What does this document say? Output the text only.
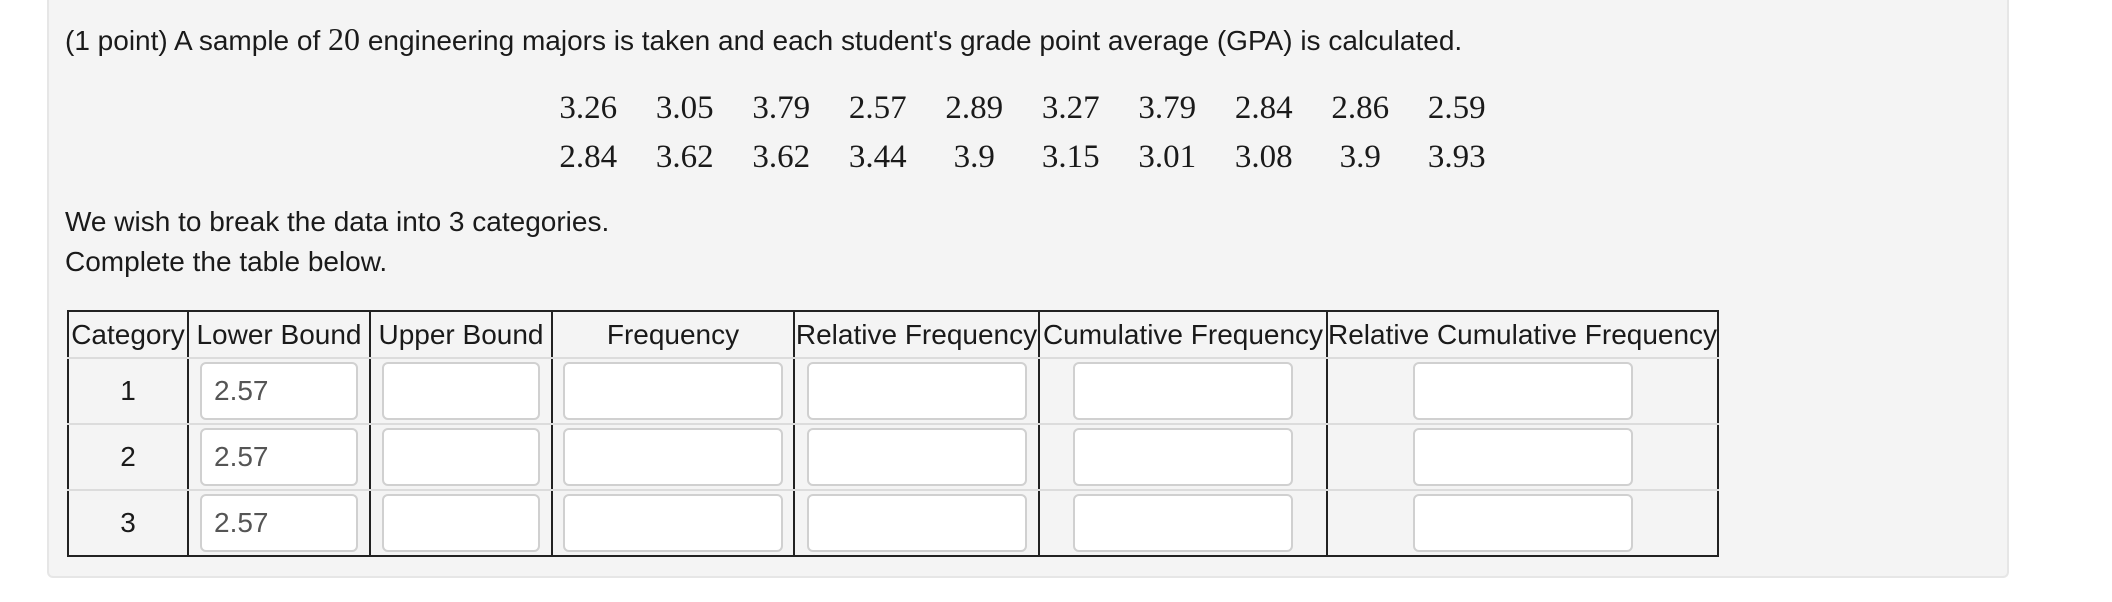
(1 point) A sample of 20 engineering majors is taken and each student's grade point average (GPA) is calculated.
3.26	3.05	3.79	2.57	2.89	3.27	3.79	2.84	2.86	2.59
2.84	3.62	3.62	3.44	3.9	3.15	3.01	3.08	3.9	3.93
We wish to break the data into 3 categories.
Complete the table below.
Category	Lower Bound	Upper Bound	Frequency	Relative Frequency	Cumulative Frequency	Relative Cumulative Frequency
1	2.57					
2	2.57					
3	2.57					
